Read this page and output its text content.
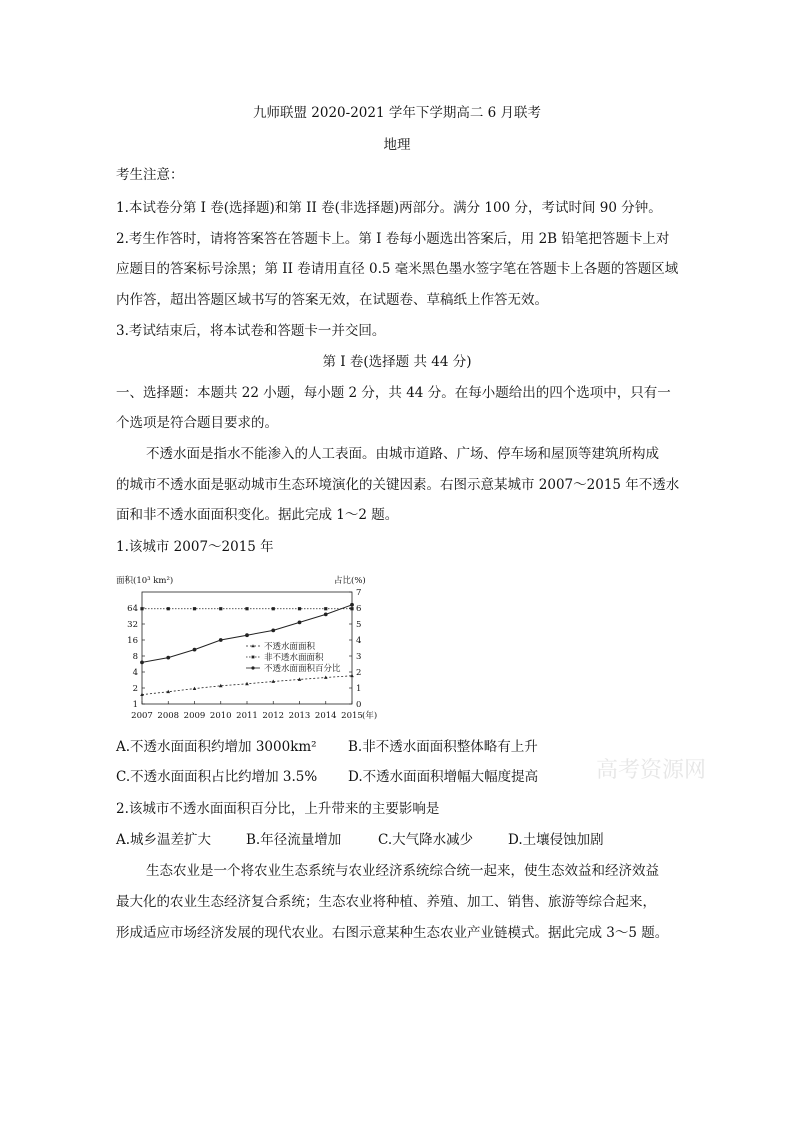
九师联盟 2020-2021 学年下学期高二 6 月联考
地理
考生注意：
1.本试卷分第 I 卷(选择题)和第 II 卷(非选择题)两部分。满分 100 分，考试时间 90 分钟。
2.考生作答时，请将答案答在答题卡上。第 I 卷每小题选出答案后，用 2B 铅笔把答题卡上对
应题目的答案标号涂黑；第 II 卷请用直径 0.5 毫米黑色墨水签字笔在答题卡上各题的答题区域
内作答，超出答题区域书写的答案无效，在试题卷、草稿纸上作答无效。
3.考试结束后，将本试卷和答题卡一并交回。
第 I 卷(选择题 共 44 分)
一、选择题：本题共 22 小题，每小题 2 分，共 44 分。在每小题给出的四个选项中，只有一
个选项是符合题目要求的。
不透水面是指水不能渗入的人工表面。由城市道路、广场、停车场和屋顶等建筑所构成
的城市不透水面是驱动城市生态环境演化的关键因素。右图示意某城市 2007～2015 年不透水
面和非不透水面面积变化。据此完成 1～2 题。
1.该城市 2007～2015 年
面积(10³ km²)	占比(%)
1
2
4
8
16
32
64
0
1
2
3
4
5
6
7
2007 2008 2009 2010 2011 2012 2013 2014 2015 (年)
不透水面面积
非不透水面面积
不透水面面积百分比
A.不透水面面积约增加 3000km² B.非不透水面面积整体略有上升
C.不透水面面积占比约增加 3.5% D.不透水面面积增幅大幅度提高	高考资源网
2.该城市不透水面面积百分比，上升带来的主要影响是
A.城乡温差扩大	B.年径流量增加	C.大气降水减少	D.土壤侵蚀加剧
生态农业是一个将农业生态系统与农业经济系统综合统一起来，使生态效益和经济效益
最大化的农业生态经济复合系统；生态农业将种植、养殖、加工、销售、旅游等综合起来，
形成适应市场经济发展的现代农业。右图示意某种生态农业产业链模式。据此完成 3～5 题。
